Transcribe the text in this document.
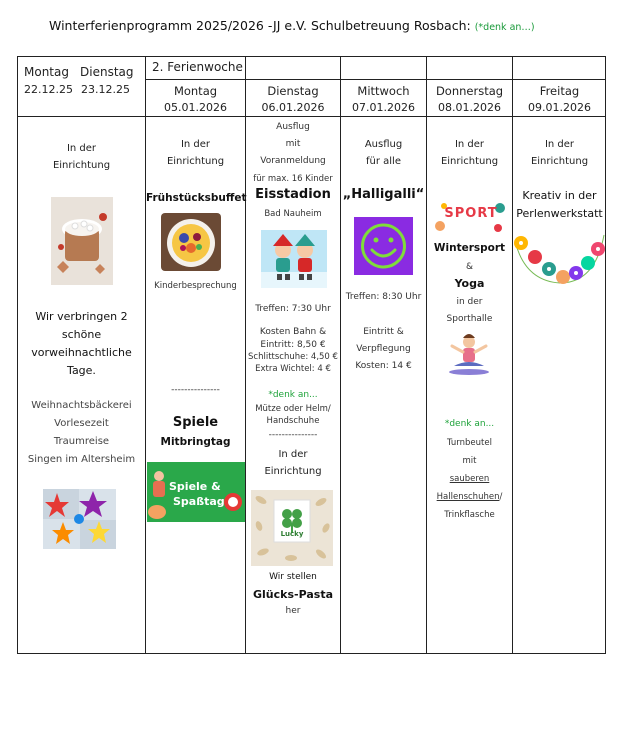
Winterferienprogramm 2025/2026 -JJ e.V. Schulbetreuung Rosbach: (*denk an…)
Montag Dienstag
22.12.25 23.12.25
2. Ferienwoche
Montag
05.01.2026
Dienstag
06.01.2026
Mittwoch
07.01.2026
Donnerstag
08.01.2026
Freitag
09.01.2026
In der
Einrichtung
Wir verbringen 2
schöne
vorweihnachtliche
Tage.
Weihnachtsbäckerei
Vorlesezeit
Traumreise
Singen im Altersheim
In der
Einrichtung
Frühstücksbuffet
Kinderbesprechung
---------------
Spiele
Mitbringtag
Spiele &
Spaßtag
Ausflug
mit
Voranmeldung
für max. 16 Kinder
Eisstadion
Bad Nauheim
Treffen: 7:30 Uhr
Kosten Bahn &
Eintritt: 8,50 €
Schlittschuhe: 4,50 €
Extra Wichtel: 4 €
*denk an...
Mütze oder Helm/
Handschuhe
---------------
In der
Einrichtung
Lucky
Wir stellen
Glücks-Pasta
her
Ausflug
für alle
„Halligalli“
Treffen: 8:30 Uhr
Eintritt &
Verpflegung
Kosten: 14 €
In der
Einrichtung
SPORT
Wintersport
&
Yoga
in der
Sporthalle
*denk an...
Turnbeutel
mit
sauberen
Hallenschuhen/
Trinkflasche
In der
Einrichtung
Kreativ in der
Perlenwerkstatt
